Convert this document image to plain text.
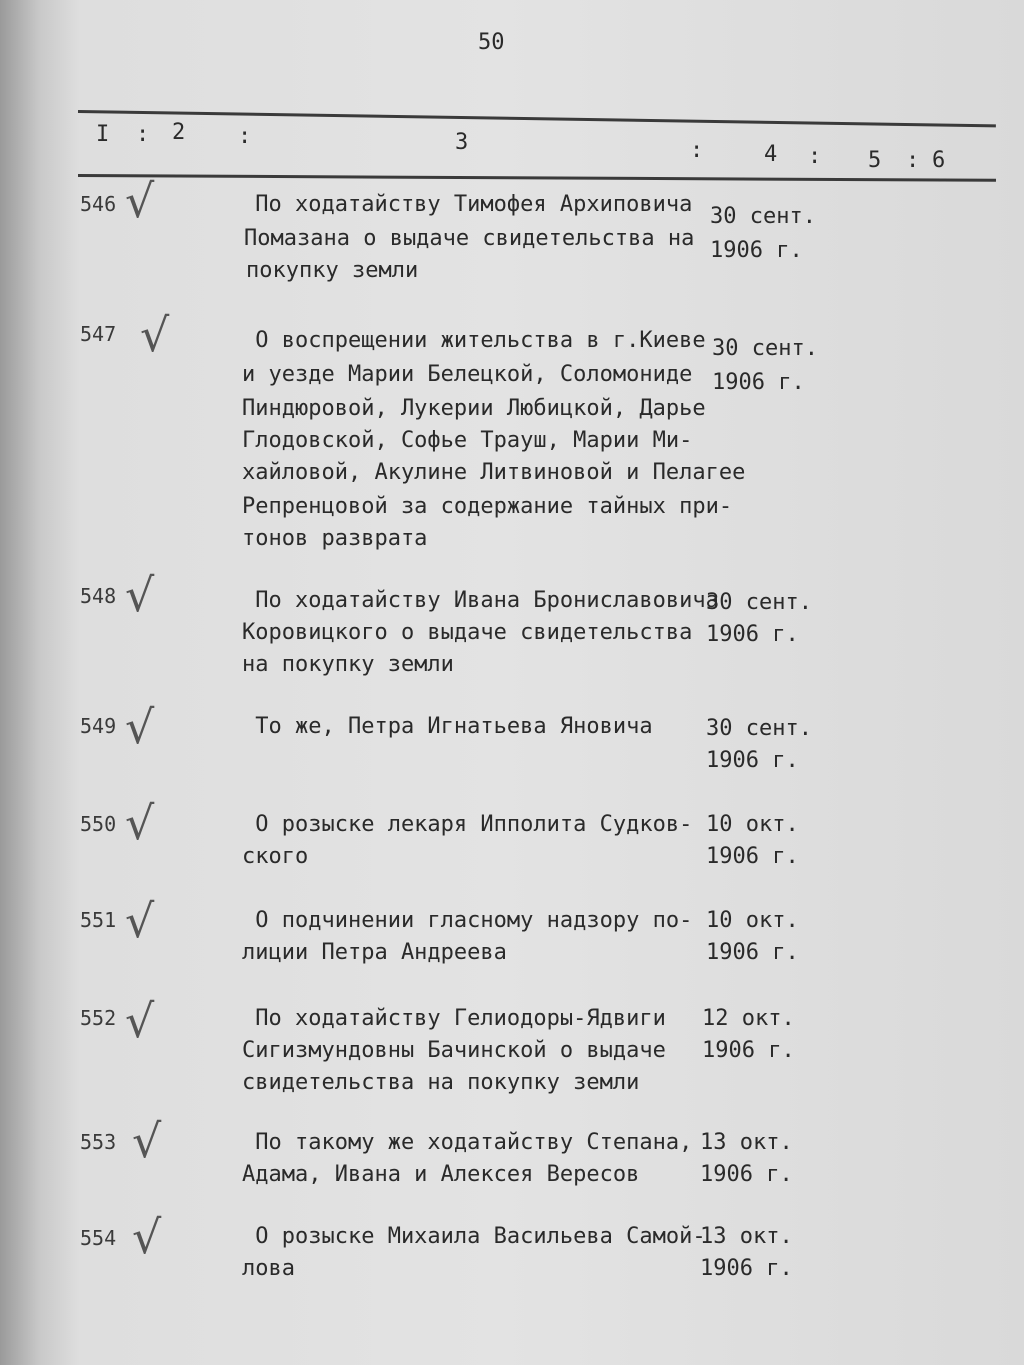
50
I : 2 :	3	:	4 : 5 : 6
546 √	По ходатайству Тимофея Архиповича
Помазана о выдаче свидетельства на
покупку земли
30 сент.
1906 г.
547 √	О воспрещении жительства в г.Киеве
и уезде Марии Белецкой, Соломониде
Пиндюровой, Лукерии Любицкой, Дарье
Глодовской, Софье Трауш, Марии Ми-
хайловой, Акулине Литвиновой и Пелагее
Репренцовой за содержание тайных при-
тонов разврата
30 сент.
1906 г.
548 √	По ходатайству Ивана Брониславовича
Коровицкого о выдаче свидетельства
на покупку земли
30 сент.
1906 г.
549 √	То же, Петра Игнатьева Яновича 30 сент.
1906 г.
550 √	О розыске лекаря Ипполита Судков-
ского
10 окт.
1906 г.
551 √	О подчинении гласному надзору по-
лиции Петра Андреева
10 окт.
1906 г.
552 √	По ходатайству Гелиодоры-Ядвиги
Сигизмундовны Бачинской о выдаче
свидетельства на покупку земли
12 окт.
1906 г.
553 √	По такому же ходатайству Степана,
Адама, Ивана и Алексея Вересов
13 окт.
1906 г.
554 √	О розыске Михаила Васильева Самой-
лова
13 окт.
1906 г.
